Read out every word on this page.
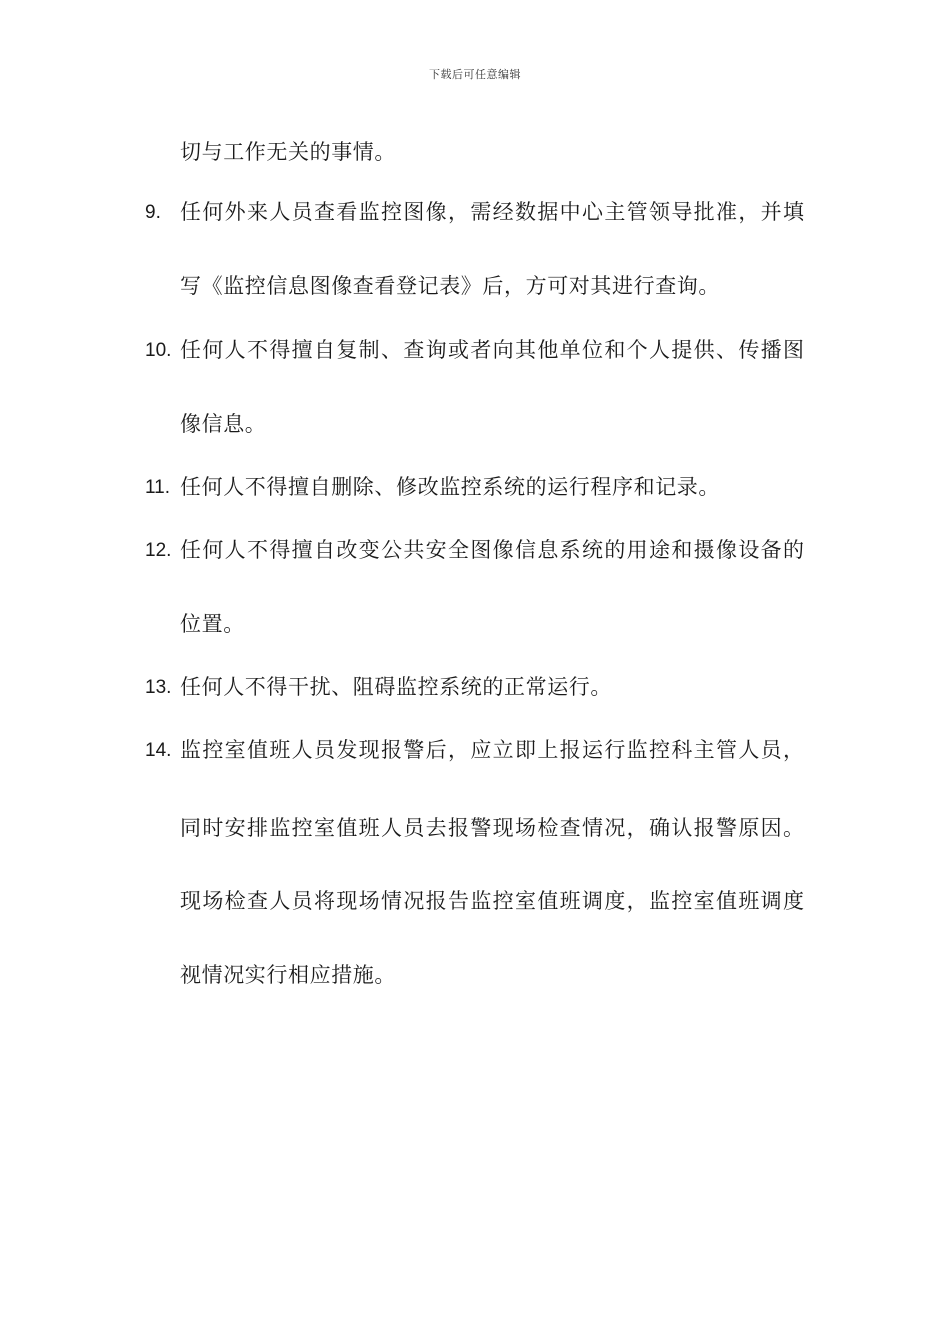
下载后可任意编辑
切与工作无关的事情。
9. 任何外来人员查看监控图像，需经数据中心主管领导批准，并填
写《监控信息图像查看登记表》后，方可对其进行查询。
10. 任何人不得擅自复制、查询或者向其他单位和个人提供、传播图
像信息。
11. 任何人不得擅自删除、修改监控系统的运行程序和记录。
12. 任何人不得擅自改变公共安全图像信息系统的用途和摄像设备的
位置。
13. 任何人不得干扰、阻碍监控系统的正常运行。
14. 监控室值班人员发现报警后，应立即上报运行监控科主管人员，
同时安排监控室值班人员去报警现场检查情况，确认报警原因。
现场检查人员将现场情况报告监控室值班调度，监控室值班调度
视情况实行相应措施。
